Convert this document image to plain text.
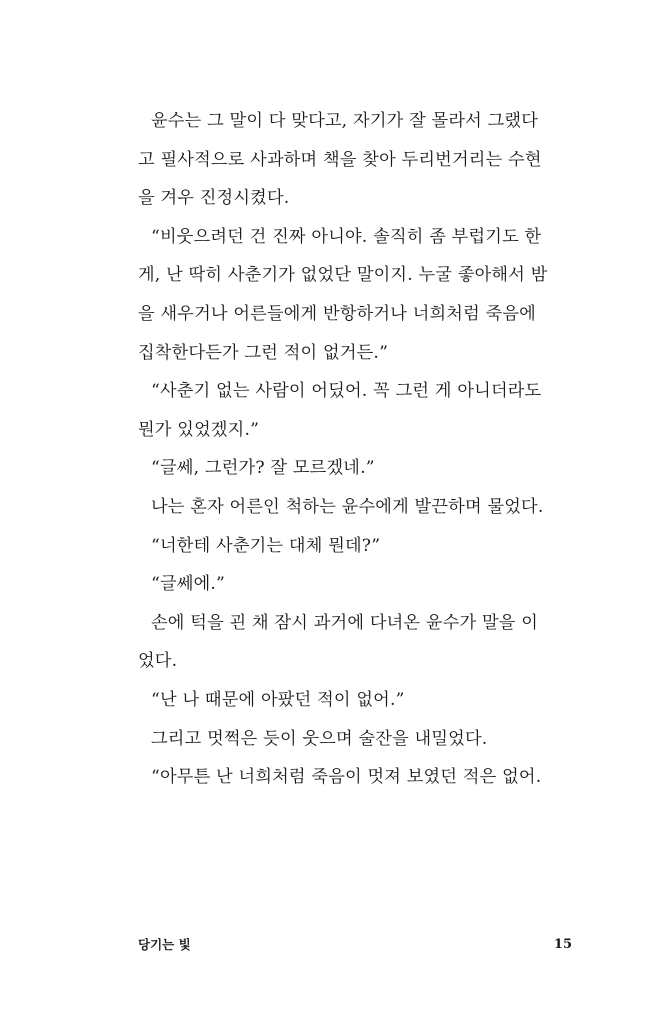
윤수는 그 말이 다 맞다고, 자기가 잘 몰라서 그랬다
고 필사적으로 사과하며 책을 찾아 두리번거리는 수현
을 겨우 진정시켰다.
“비웃으려던 건 진짜 아니야. 솔직히 좀 부럽기도 한
게, 난 딱히 사춘기가 없었단 말이지. 누굴 좋아해서 밤
을 새우거나 어른들에게 반항하거나 너희처럼 죽음에
집착한다든가 그런 적이 없거든.”
“사춘기 없는 사람이 어딨어. 꼭 그런 게 아니더라도
뭔가 있었겠지.”
“글쎄, 그런가? 잘 모르겠네.”
나는 혼자 어른인 척하는 윤수에게 발끈하며 물었다.
“너한테 사춘기는 대체 뭔데?”
“글쎄에.”
손에 턱을 괸 채 잠시 과거에 다녀온 윤수가 말을 이
었다.
“난 나 때문에 아팠던 적이 없어.”
그리고 멋쩍은 듯이 웃으며 술잔을 내밀었다.
“아무튼 난 너희처럼 죽음이 멋져 보였던 적은 없어.
당기는 빛	15
